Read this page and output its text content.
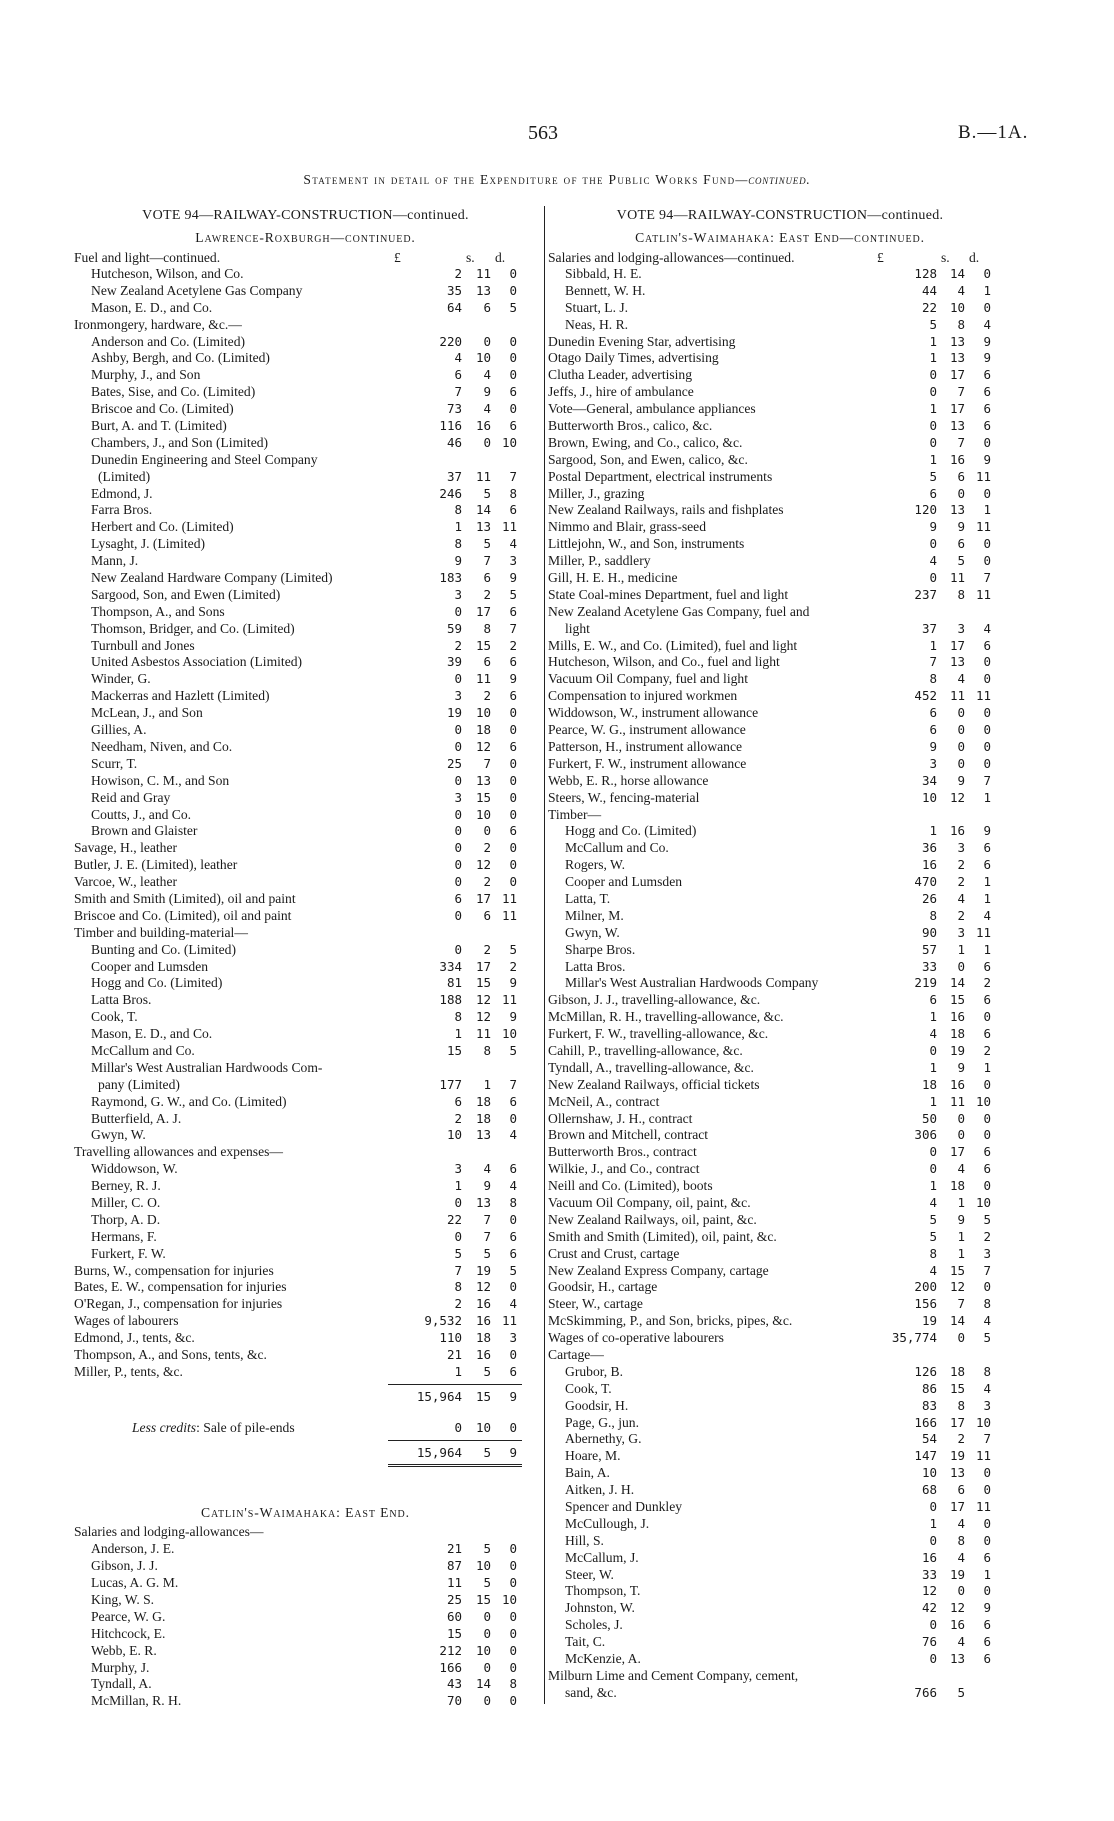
563	B.—1A.
Statement in detail of the Expenditure of the Public Works Fund—continued.
VOTE 94—RAILWAY-CONSTRUCTION—continued.
Lawrence-Roxburgh—continued.
Fuel and light—continued.	£	s.	d.
Hutcheson, Wilson, and Co.	2	11	0
New Zealand Acetylene Gas Company	35	13	0
Mason, E. D., and Co.	64	6	5
Ironmongery, hardware, &c.—
Anderson and Co. (Limited)	220	0	0
Ashby, Bergh, and Co. (Limited)	4	10	0
Murphy, J., and Son	6	4	0
Bates, Sise, and Co. (Limited)	7	9	6
Briscoe and Co. (Limited)	73	4	0
Burt, A. and T. (Limited)	116	16	6
Chambers, J., and Son (Limited)	46	0 10
Dunedin Engineering and Steel Company
(Limited)	37	11	7
Edmond, J.	246	5	8
Farra Bros.	8	14	6
Herbert and Co. (Limited)	1	13 11
Lysaght, J. (Limited)	8	5	4
Mann, J.	9	7	3
New Zealand Hardware Company (Limited)	183	6	9
Sargood, Son, and Ewen (Limited)	3	2	5
Thompson, A., and Sons	0	17	6
Thomson, Bridger, and Co. (Limited)	59	8	7
Turnbull and Jones	2	15	2
United Asbestos Association (Limited)	39	6	6
Winder, G.	0	11	9
Mackerras and Hazlett (Limited)	3	2	6
McLean, J., and Son	19	10	0
Gillies, A.	0	18	0
Needham, Niven, and Co.	0	12	6
Scurr, T.	25	7	0
Howison, C. M., and Son	0	13	0
Reid and Gray	3	15	0
Coutts, J., and Co.	0	10	0
Brown and Glaister	0	0	6
Savage, H., leather	0	2	0
Butler, J. E. (Limited), leather	0	12	0
Varcoe, W., leather	0	2	0
Smith and Smith (Limited), oil and paint	6	17 11
Briscoe and Co. (Limited), oil and paint	0	6 11
Timber and building-material—
Bunting and Co. (Limited)	0	2	5
Cooper and Lumsden	334	17	2
Hogg and Co. (Limited)	81	15	9
Latta Bros.	188	12 11
Cook, T.	8	12	9
Mason, E. D., and Co.	1	11 10
McCallum and Co.	15	8	5
Millar's West Australian Hardwoods Com-
pany (Limited)	177	1	7
Raymond, G. W., and Co. (Limited)	6	18	6
Butterfield, A. J.	2	18	0
Gwyn, W.	10	13	4
Travelling allowances and expenses—
Widdowson, W.	3	4	6
Berney, R. J.	1	9	4
Miller, C. O.	0	13	8
Thorp, A. D.	22	7	0
Hermans, F.	0	7	6
Furkert, F. W.	5	5	6
Burns, W., compensation for injuries	7	19	5
Bates, E. W., compensation for injuries	8	12	0
O'Regan, J., compensation for injuries	2	16	4
Wages of labourers	9,532	16 11
Edmond, J., tents, &c.	110	18	3
Thompson, A., and Sons, tents, &c.	21	16	0
Miller, P., tents, &c.	1	5	6
15,964	15	9
Less credits: Sale of pile-ends	0	10	0
15,964	5	9
Catlin's-Waimahaka: East End.
Salaries and lodging-allowances—
Anderson, J. E.	21	5	0
Gibson, J. J.	87	10	0
Lucas, A. G. M.	11	5	0
King, W. S.	25	15 10
Pearce, W. G.	60	0	0
Hitchcock, E.	15	0	0
Webb, E. R.	212	10	0
Murphy, J.	166	0	0
Tyndall, A.	43	14	8
McMillan, R. H.	70	0	0
VOTE 94—RAILWAY-CONSTRUCTION—continued.
Catlin's-Waimahaka: East End—continued.
Salaries and lodging-allowances—continued.	£	s.	d.
Sibbald, H. E.	128	14	0
Bennett, W. H.	44	4	1
Stuart, L. J.	22	10	0
Neas, H. R.	5	8	4
Dunedin Evening Star, advertising	1	13	9
Otago Daily Times, advertising	1	13	9
Clutha Leader, advertising	0	17	6
Jeffs, J., hire of ambulance	0	7	6
Vote—General, ambulance appliances	1	17	6
Butterworth Bros., calico, &c.	0	13	6
Brown, Ewing, and Co., calico, &c.	0	7	0
Sargood, Son, and Ewen, calico, &c.	1	16	9
Postal Department, electrical instruments	5	6 11
Miller, J., grazing	6	0	0
New Zealand Railways, rails and fishplates	120	13	1
Nimmo and Blair, grass-seed	9	9 11
Littlejohn, W., and Son, instruments	0	6	0
Miller, P., saddlery	4	5	0
Gill, H. E. H., medicine	0	11	7
State Coal-mines Department, fuel and light	237	8 11
New Zealand Acetylene Gas Company, fuel and
light	37	3	4
Mills, E. W., and Co. (Limited), fuel and light	1	17	6
Hutcheson, Wilson, and Co., fuel and light	7	13	0
Vacuum Oil Company, fuel and light	8	4	0
Compensation to injured workmen	452	11 11
Widdowson, W., instrument allowance	6	0	0
Pearce, W. G., instrument allowance	6	0	0
Patterson, H., instrument allowance	9	0	0
Furkert, F. W., instrument allowance	3	0	0
Webb, E. R., horse allowance	34	9	7
Steers, W., fencing-material	10	12	1
Timber—
Hogg and Co. (Limited)	1	16	9
McCallum and Co.	36	3	6
Rogers, W.	16	2	6
Cooper and Lumsden	470	2	1
Latta, T.	26	4	1
Milner, M.	8	2	4
Gwyn, W.	90	3 11
Sharpe Bros.	57	1	1
Latta Bros.	33	0	6
Millar's West Australian Hardwoods Company	219	14	2
Gibson, J. J., travelling-allowance, &c.	6	15	6
McMillan, R. H., travelling-allowance, &c.	1	16	0
Furkert, F. W., travelling-allowance, &c.	4	18	6
Cahill, P., travelling-allowance, &c.	0	19	2
Tyndall, A., travelling-allowance, &c.	1	9	1
New Zealand Railways, official tickets	18	16	0
McNeil, A., contract	1	11 10
Ollernshaw, J. H., contract	50	0	0
Brown and Mitchell, contract	306	0	0
Butterworth Bros., contract	0	17	6
Wilkie, J., and Co., contract	0	4	6
Neill and Co. (Limited), boots	1	18	0
Vacuum Oil Company, oil, paint, &c.	4	1 10
New Zealand Railways, oil, paint, &c.	5	9	5
Smith and Smith (Limited), oil, paint, &c.	5	1	2
Crust and Crust, cartage	8	1	3
New Zealand Express Company, cartage	4	15	7
Goodsir, H., cartage	200	12	0
Steer, W., cartage	156	7	8
McSkimming, P., and Son, bricks, pipes, &c.	19	14	4
Wages of co-operative labourers	35,774	0	5
Cartage—
Grubor, B.	126	18	8
Cook, T.	86	15	4
Goodsir, H.	83	8	3
Page, G., jun.	166	17 10
Abernethy, G.	54	2	7
Hoare, M.	147	19 11
Bain, A.	10	13	0
Aitken, J. H.	68	6	0
Spencer and Dunkley	0	17 11
McCullough, J.	1	4	0
Hill, S.	0	8	0
McCallum, J.	16	4	6
Steer, W.	33	19	1
Thompson, T.	12	0	0
Johnston, W.	42	12	9
Scholes, J.	0	16	6
Tait, C.	76	4	6
McKenzie, A.	0	13	6
Milburn Lime and Cement Company, cement,
sand, &c.	766	5
